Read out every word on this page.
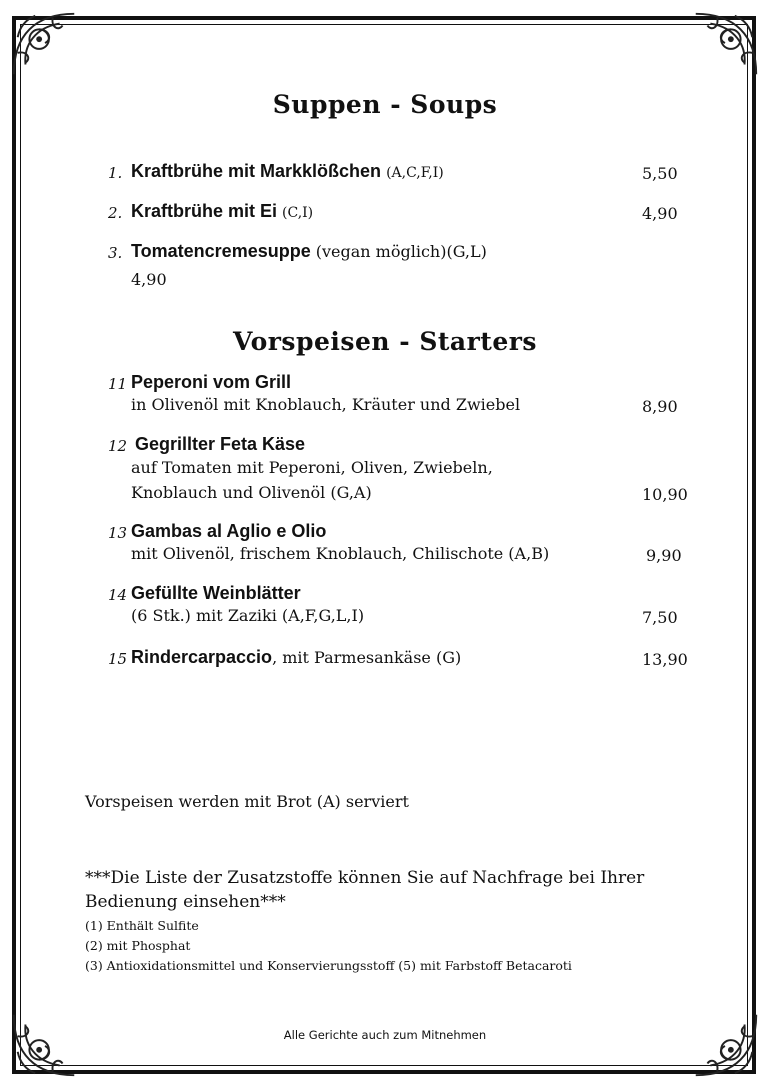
Suppen - Soups
1. Kraftbrühe mit Markklößchen (A,C,F,I)	5,50
2. Kraftbrühe mit Ei (C,I)	4,90
3. Tomatencremesuppe (vegan möglich)(G,L)
4,90
Vorspeisen - Starters
11 Peperoni vom Grill
in Olivenöl mit Knoblauch, Kräuter und Zwiebel	8,90
12 Gegrillter Feta Käse
auf Tomaten mit Peperoni, Oliven, Zwiebeln,
Knoblauch und Olivenöl (G,A)	10,90
13 Gambas al Aglio e Olio
mit Olivenöl, frischem Knoblauch, Chilischote (A,B)	9,90
14 Gefüllte Weinblätter
(6 Stk.) mit Zaziki (A,F,G,L,I)	7,50
15 Rindercarpaccio, mit Parmesankäse (G)	13,90
Vorspeisen werden mit Brot (A) serviert
***Die Liste der Zusatzstoffe können Sie auf Nachfrage bei Ihrer
Bedienung einsehen***
(1) Enthält Sulfite
(2) mit Phosphat
(3) Antioxidationsmittel und Konservierungsstoff (5) mit Farbstoff Betacaroti
Alle Gerichte auch zum Mitnehmen
